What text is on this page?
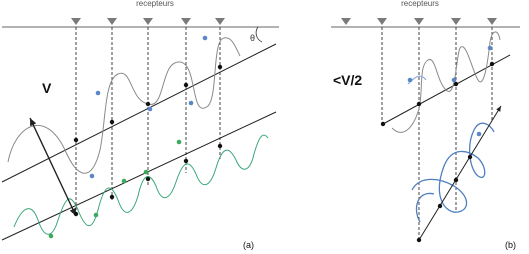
recepteurs
θ
V
(a)
recepteurs
<V/2
(b)
